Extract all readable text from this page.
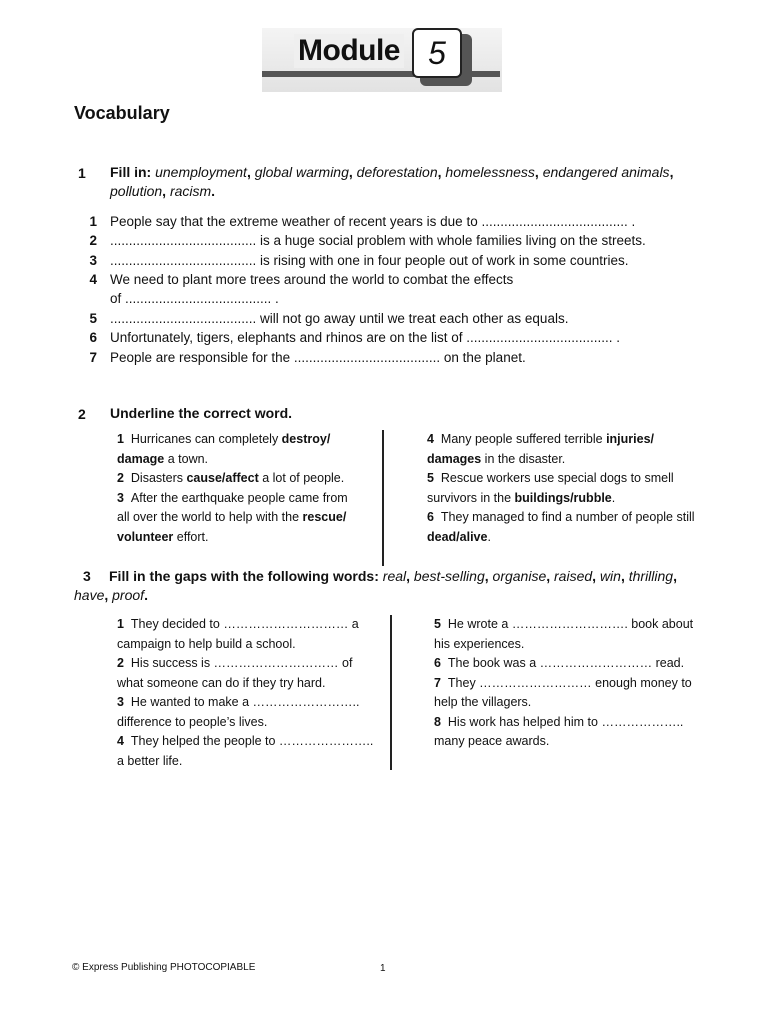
Module 5
Vocabulary
1 Fill in: unemployment, global warming, deforestation, homelessness, endangered animals, pollution, racism.
1 People say that the extreme weather of recent years is due to ....................................... .
2 ....................................... is a huge social problem with whole families living on the streets.
3 ....................................... is rising with one in four people out of work in some countries.
4 We need to plant more trees around the world to combat the effects
of ....................................... .
5 ....................................... will not go away until we treat each other as equals.
6 Unfortunately, tigers, elephants and rhinos are on the list of ....................................... .
7 People are responsible for the ....................................... on the planet.
2 Underline the correct word.

1 Hurricanes can completely destroy/ damage a town.

2 Disasters cause/affect a lot of people.

3 After the earthquake people came from all over the world to help with the rescue/ volunteer effort.

4 Many people suffered terrible injuries/ damages in the disaster.

5 Rescue workers use special dogs to smell survivors in the buildings/rubble.

6 They managed to find a number of people still dead/alive.

3	Fill in the gaps with the following words: real, best-selling, organise, raised, win, thrilling, have, proof.

1 They decided to ………………………… a campaign to help build a school.

2 His success is ………………………… of what someone can do if they try hard.

3 He wanted to make a …………………….. difference to people’s lives.

4 They helped the people to ………………….. a better life.

5 He wrote a ………………………. book about his experiences.

6 The book was a ……………………… read.

7 They ……………………… enough money to help the villagers.

8 His work has helped him to ……………….. many peace awards.

© Express Publishing PHOTOCOPIABLE	1
